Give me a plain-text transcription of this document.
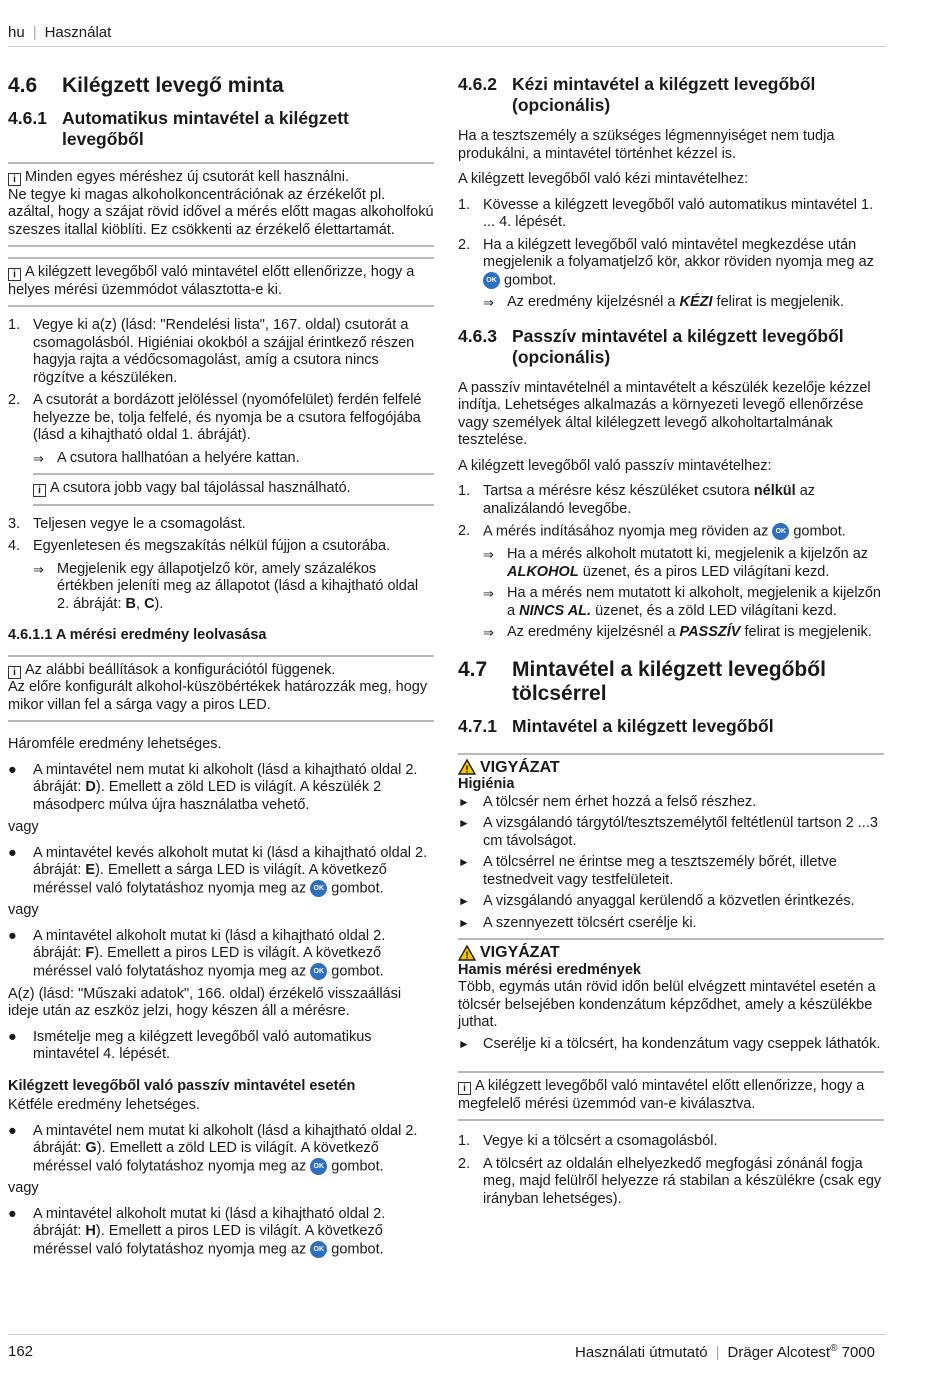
hu | Használat
4.6	Kilégzett levegő minta
4.6.1 Automatikus mintavétel a kilégzett levegőből
i Minden egyes méréshez új csutorát kell használni.
Ne tegye ki magas alkoholkoncentrációnak az érzékelőt pl. azáltal, hogy a szájat rövid idővel a mérés előtt magas alkoholfokú szeszes itallal kiöblíti. Ez csökkenti az érzékelő élettartamát.
i A kilégzett levegőből való mintavétel előtt ellenőrizze, hogy a helyes mérési üzemmódot választotta-e ki.
1. Vegye ki a(z) (lásd: "Rendelési lista", 167. oldal) csutorát a csomagolásból. Higiéniai okokból a szájjal érintkező részen hagyja rajta a védőcsomagolást, amíg a csutora nincs rögzítve a készüléken.
2. A csutorát a bordázott jelöléssel (nyomófelület) ferdén felfelé helyezze be, tolja felfelé, és nyomja be a csutora felfogójába (lásd a kihajtható oldal 1. ábráját).
⇒ A csutora hallhatóan a helyére kattan.
i A csutora jobb vagy bal tájolással használható.
3. Teljesen vegye le a csomagolást.
4. Egyenletesen és megszakítás nélkül fújjon a csutorába.
⇒ Megjelenik egy állapotjelző kör, amely százalékos értékben jeleníti meg az állapotot (lásd a kihajtható oldal 2. ábráját: B, C).
4.6.1.1 A mérési eredmény leolvasása
i Az alábbi beállítások a konfigurációtól függenek.
Az előre konfigurált alkohol-küszöbértékek határozzák meg, hogy mikor villan fel a sárga vagy a piros LED.

Háromféle eredmény lehetséges.

●	A mintavétel nem mutat ki alkoholt (lásd a kihajtható oldal 2. ábráját: D). Emellett a zöld LED is világít. A készülék 2 másodperc múlva újra használatba vehető.

vagy

●	A mintavétel kevés alkoholt mutat ki (lásd a kihajtható oldal 2. ábráját: E). Emellett a sárga LED is világít. A következő méréssel való folytatáshoz nyomja meg az OK gombot.

vagy

●	A mintavétel alkoholt mutat ki (lásd a kihajtható oldal 2. ábráját: F). Emellett a piros LED is világít. A következő méréssel való folytatáshoz nyomja meg az OK gombot.

A(z) (lásd: "Műszaki adatok", 166. oldal) érzékelő visszaállási ideje után az eszköz jelzi, hogy készen áll a mérésre.

●	Ismételje meg a kilégzett levegőből való automatikus mintavétel 4. lépését.
Kilégzett levegőből való passzív mintavétel esetén

Kétféle eredmény lehetséges.

●	A mintavétel nem mutat ki alkoholt (lásd a kihajtható oldal 2. ábráját: G). Emellett a zöld LED is világít. A következő méréssel való folytatáshoz nyomja meg az OK gombot.

vagy

●	A mintavétel alkoholt mutat ki (lásd a kihajtható oldal 2. ábráját: H). Emellett a piros LED is világít. A következő méréssel való folytatáshoz nyomja meg az OK gombot.
4.6.2 Kézi mintavétel a kilégzett levegőből (opcionális)

Ha a tesztszemély a szükséges légmennyiséget nem tudja produkálni, a mintavétel történhet kézzel is.

A kilégzett levegőből való kézi mintavételhez:

1. Kövesse a kilégzett levegőből való automatikus mintavétel 1. ... 4. lépését.
2. Ha a kilégzett levegőből való mintavétel megkezdése után megjelenik a folyamatjelző kör, akkor röviden nyomja meg az OK gombot.
⇒ Az eredmény kijelzésnél a KÉZI felirat is megjelenik.
4.6.3 Passzív mintavétel a kilégzett levegőből (opcionális)

A passzív mintavételnél a mintavételt a készülék kezelője kézzel indítja. Lehetséges alkalmazás a környezeti levegő ellenőrzése vagy személyek által kilélegzett levegő alkoholtartalmának tesztelése.

A kilégzett levegőből való passzív mintavételhez:

1. Tartsa a mérésre kész készüléket csutora nélkül az analizálandó levegőbe.
2. A mérés indításához nyomja meg röviden az OK gombot.
⇒ Ha a mérés alkoholt mutatott ki, megjelenik a kijelzőn az ALKOHOL üzenet, és a piros LED világítani kezd.
⇒ Ha a mérés nem mutatott ki alkoholt, megjelenik a kijelzőn a NINCS AL. üzenet, és a zöld LED világítani kezd.
⇒ Az eredmény kijelzésnél a PASSZÍV felirat is megjelenik.
4.7	Mintavétel a kilégzett levegőből tölcsérrel
4.7.1 Mintavétel a kilégzett levegőből
! VIGYÁZAT
Higiénia
► A tölcsér nem érhet hozzá a felső részhez.
► A vizsgálandó tárgytól/tesztszemélytől feltétlenül tartson 2 ...3 cm távolságot.
► A tölcsérrel ne érintse meg a tesztszemély bőrét, illetve testnedveit vagy testfelületeit.
► A vizsgálandó anyaggal kerülendő a közvetlen érintkezés.
► A szennyezett tölcsért cserélje ki.
! VIGYÁZAT
Hamis mérési eredmények
Több, egymás után rövid időn belül elvégzett mintavétel esetén a tölcsér belsejében kondenzátum képződhet, amely a készülékbe juthat.
► Cserélje ki a tölcsért, ha kondenzátum vagy cseppek láthatók.
i A kilégzett levegőből való mintavétel előtt ellenőrizze, hogy a megfelelő mérési üzemmód van-e kiválasztva.
1. Vegye ki a tölcsért a csomagolásból.
2. A tölcsért az oldalán elhelyezkedő megfogási zónánál fogja meg, majd felülről helyezze rá stabilan a készülékre (csak egy irányban lehetséges).
162	Használati útmutató | Dräger Alcotest® 7000
